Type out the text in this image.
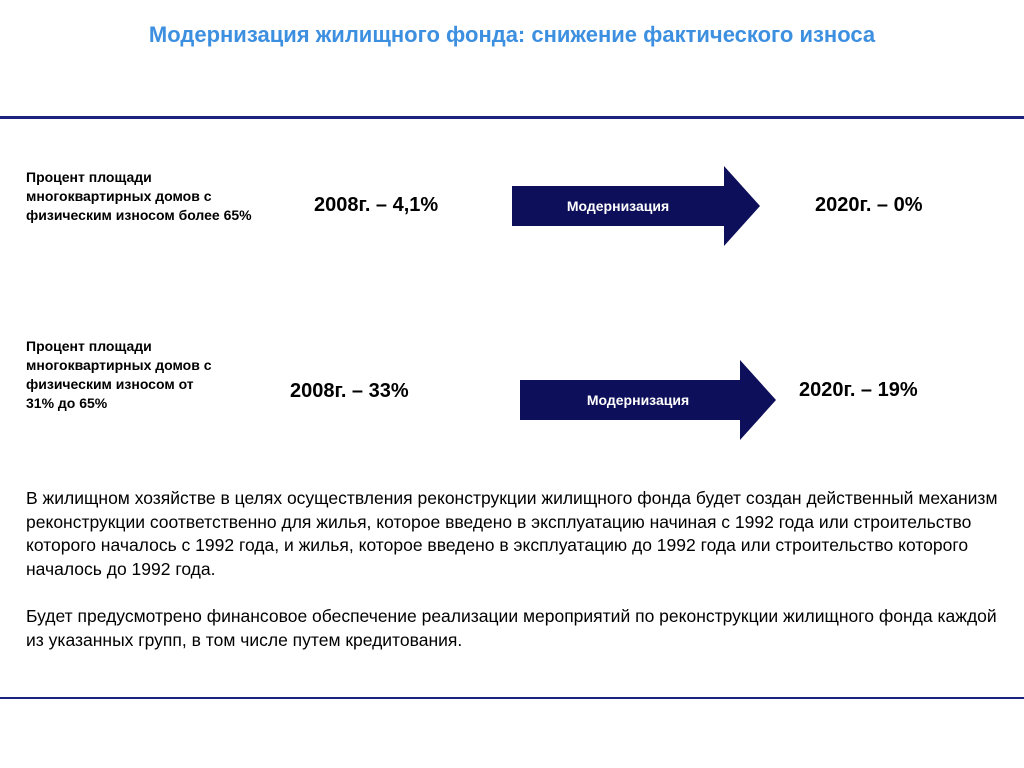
Модернизация жилищного фонда: снижение фактического износа
Процент площади
многоквартирных домов с
физическим износом более 65%	2008г. – 4,1%	Модернизация	2020г. – 0%
Процент площади
многоквартирных домов с
физическим износом от
31% до 65%
2008г. – 33%	Модернизация	2020г. – 19%
В жилищном хозяйстве в целях осуществления реконструкции жилищного фонда будет создан действенный механизм реконструкции соответственно для жилья, которое введено в эксплуатацию начиная с 1992 года или строительство которого началось с 1992 года, и жилья, которое введено в эксплуатацию до 1992 года или строительство которого началось до 1992 года.
Будет предусмотрено финансовое обеспечение реализации мероприятий по реконструкции жилищного фонда каждой из указанных групп, в том числе путем кредитования.
